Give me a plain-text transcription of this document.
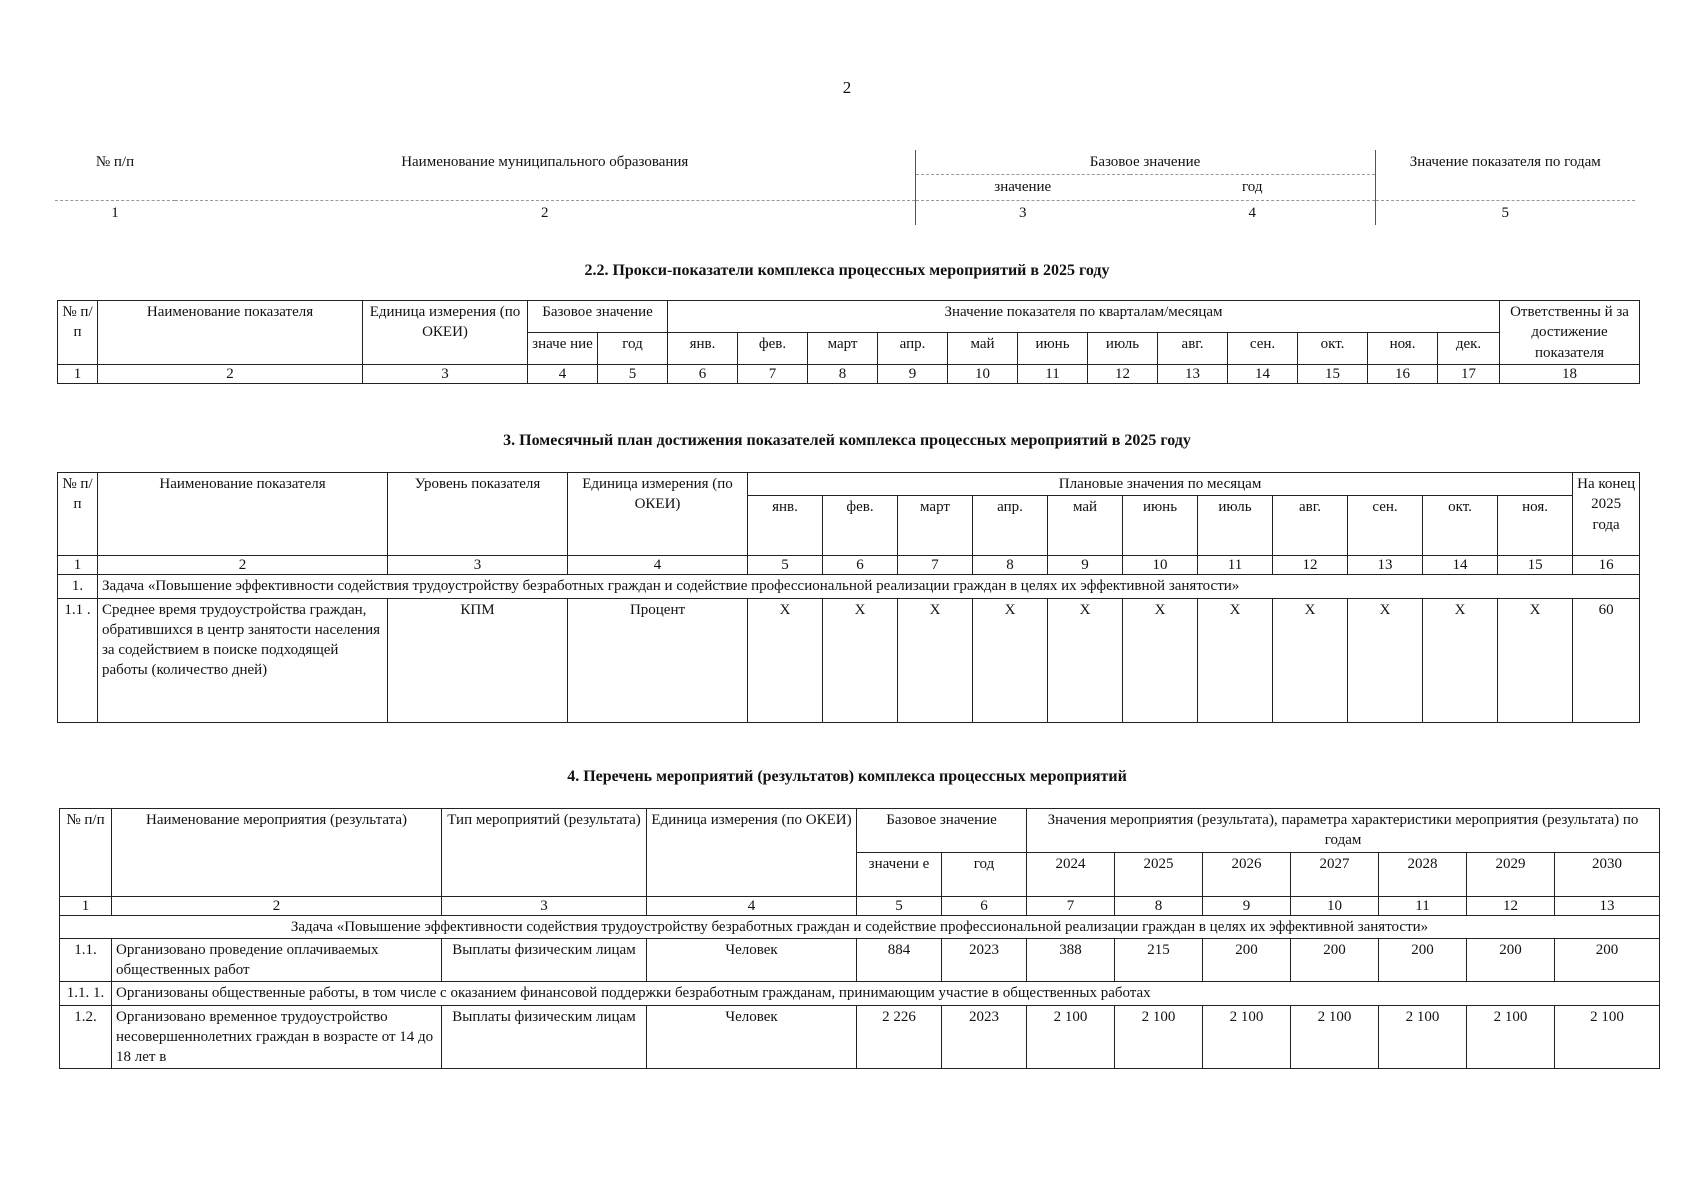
2
№ п/п	Наименование муниципального образования	Базовое значение		Значение показателя по годам
		значение	год	
1	2	3	4	5
2.2. Прокси-показатели комплекса процессных мероприятий в 2025 году
№ п/ п	Наименование показателя	Единица измерения (по ОКЕИ)	Базовое значение		Значение показателя по кварталам/месяцам												Ответственны й за достижение показателя
			значе ние	год	янв.	фев.	март	апр.	май	июнь	июль	авг.	сен.	окт.	ноя.	дек.	
1	2	3	4	5	6	7	8	9	10	11	12	13	14	15	16	17	18
3. Помесячный план достижения показателей комплекса процессных мероприятий в 2025 году
№ п/ п	Наименование показателя	Уровень показателя	Единица измерения (по ОКЕИ)	Плановые значения по месяцам											На конец 2025 года
				янв.	фев.	март	апр.	май	июнь	июль	авг.	сен.	окт.	ноя.	
1	2	3	4	5	6	7	8	9	10	11	12	13	14	15	16
1.	Задача «Повышение эффективности содействия трудоустройству безработных граждан и содействие профессиональной реализации граждан в целях их эффективной занятости»														
1.1 .	Среднее время трудоустройства граждан, обратившихся в центр занятости населения за содействием в поиске подходящей работы (количество дней)	КПМ	Процент	X	X	X	X	X	X	X	X	X	X	X	60
4. Перечень мероприятий (результатов) комплекса процессных мероприятий
№ п/п	Наименование мероприятия (результата)	Тип мероприятий (результата)	Единица измерения (по ОКЕИ)	Базовое значение		Значения мероприятия (результата), параметра характеристики мероприятия (результата) по годам						
				значени е	год	2024	2025	2026	2027	2028	2029	2030
1	2	3	4	5	6	7	8	9	10	11	12	13
Задача «Повышение эффективности содействия трудоустройству безработных граждан и содействие профессиональной реализации граждан в целях их эффективной занятости»												
1.1.	Организовано проведение оплачиваемых общественных работ	Выплаты физическим лицам	Человек	884	2023	388	215	200	200	200	200	200
1.1. 1.	Организованы общественные работы, в том числе с оказанием финансовой поддержки безработным гражданам, принимающим участие в общественных работах											
1.2.	Организовано временное трудоустройство несовершеннолетних граждан в возрасте от 14 до 18 лет в	Выплаты физическим лицам	Человек	2 226	2023	2 100	2 100	2 100	2 100	2 100	2 100	2 100
